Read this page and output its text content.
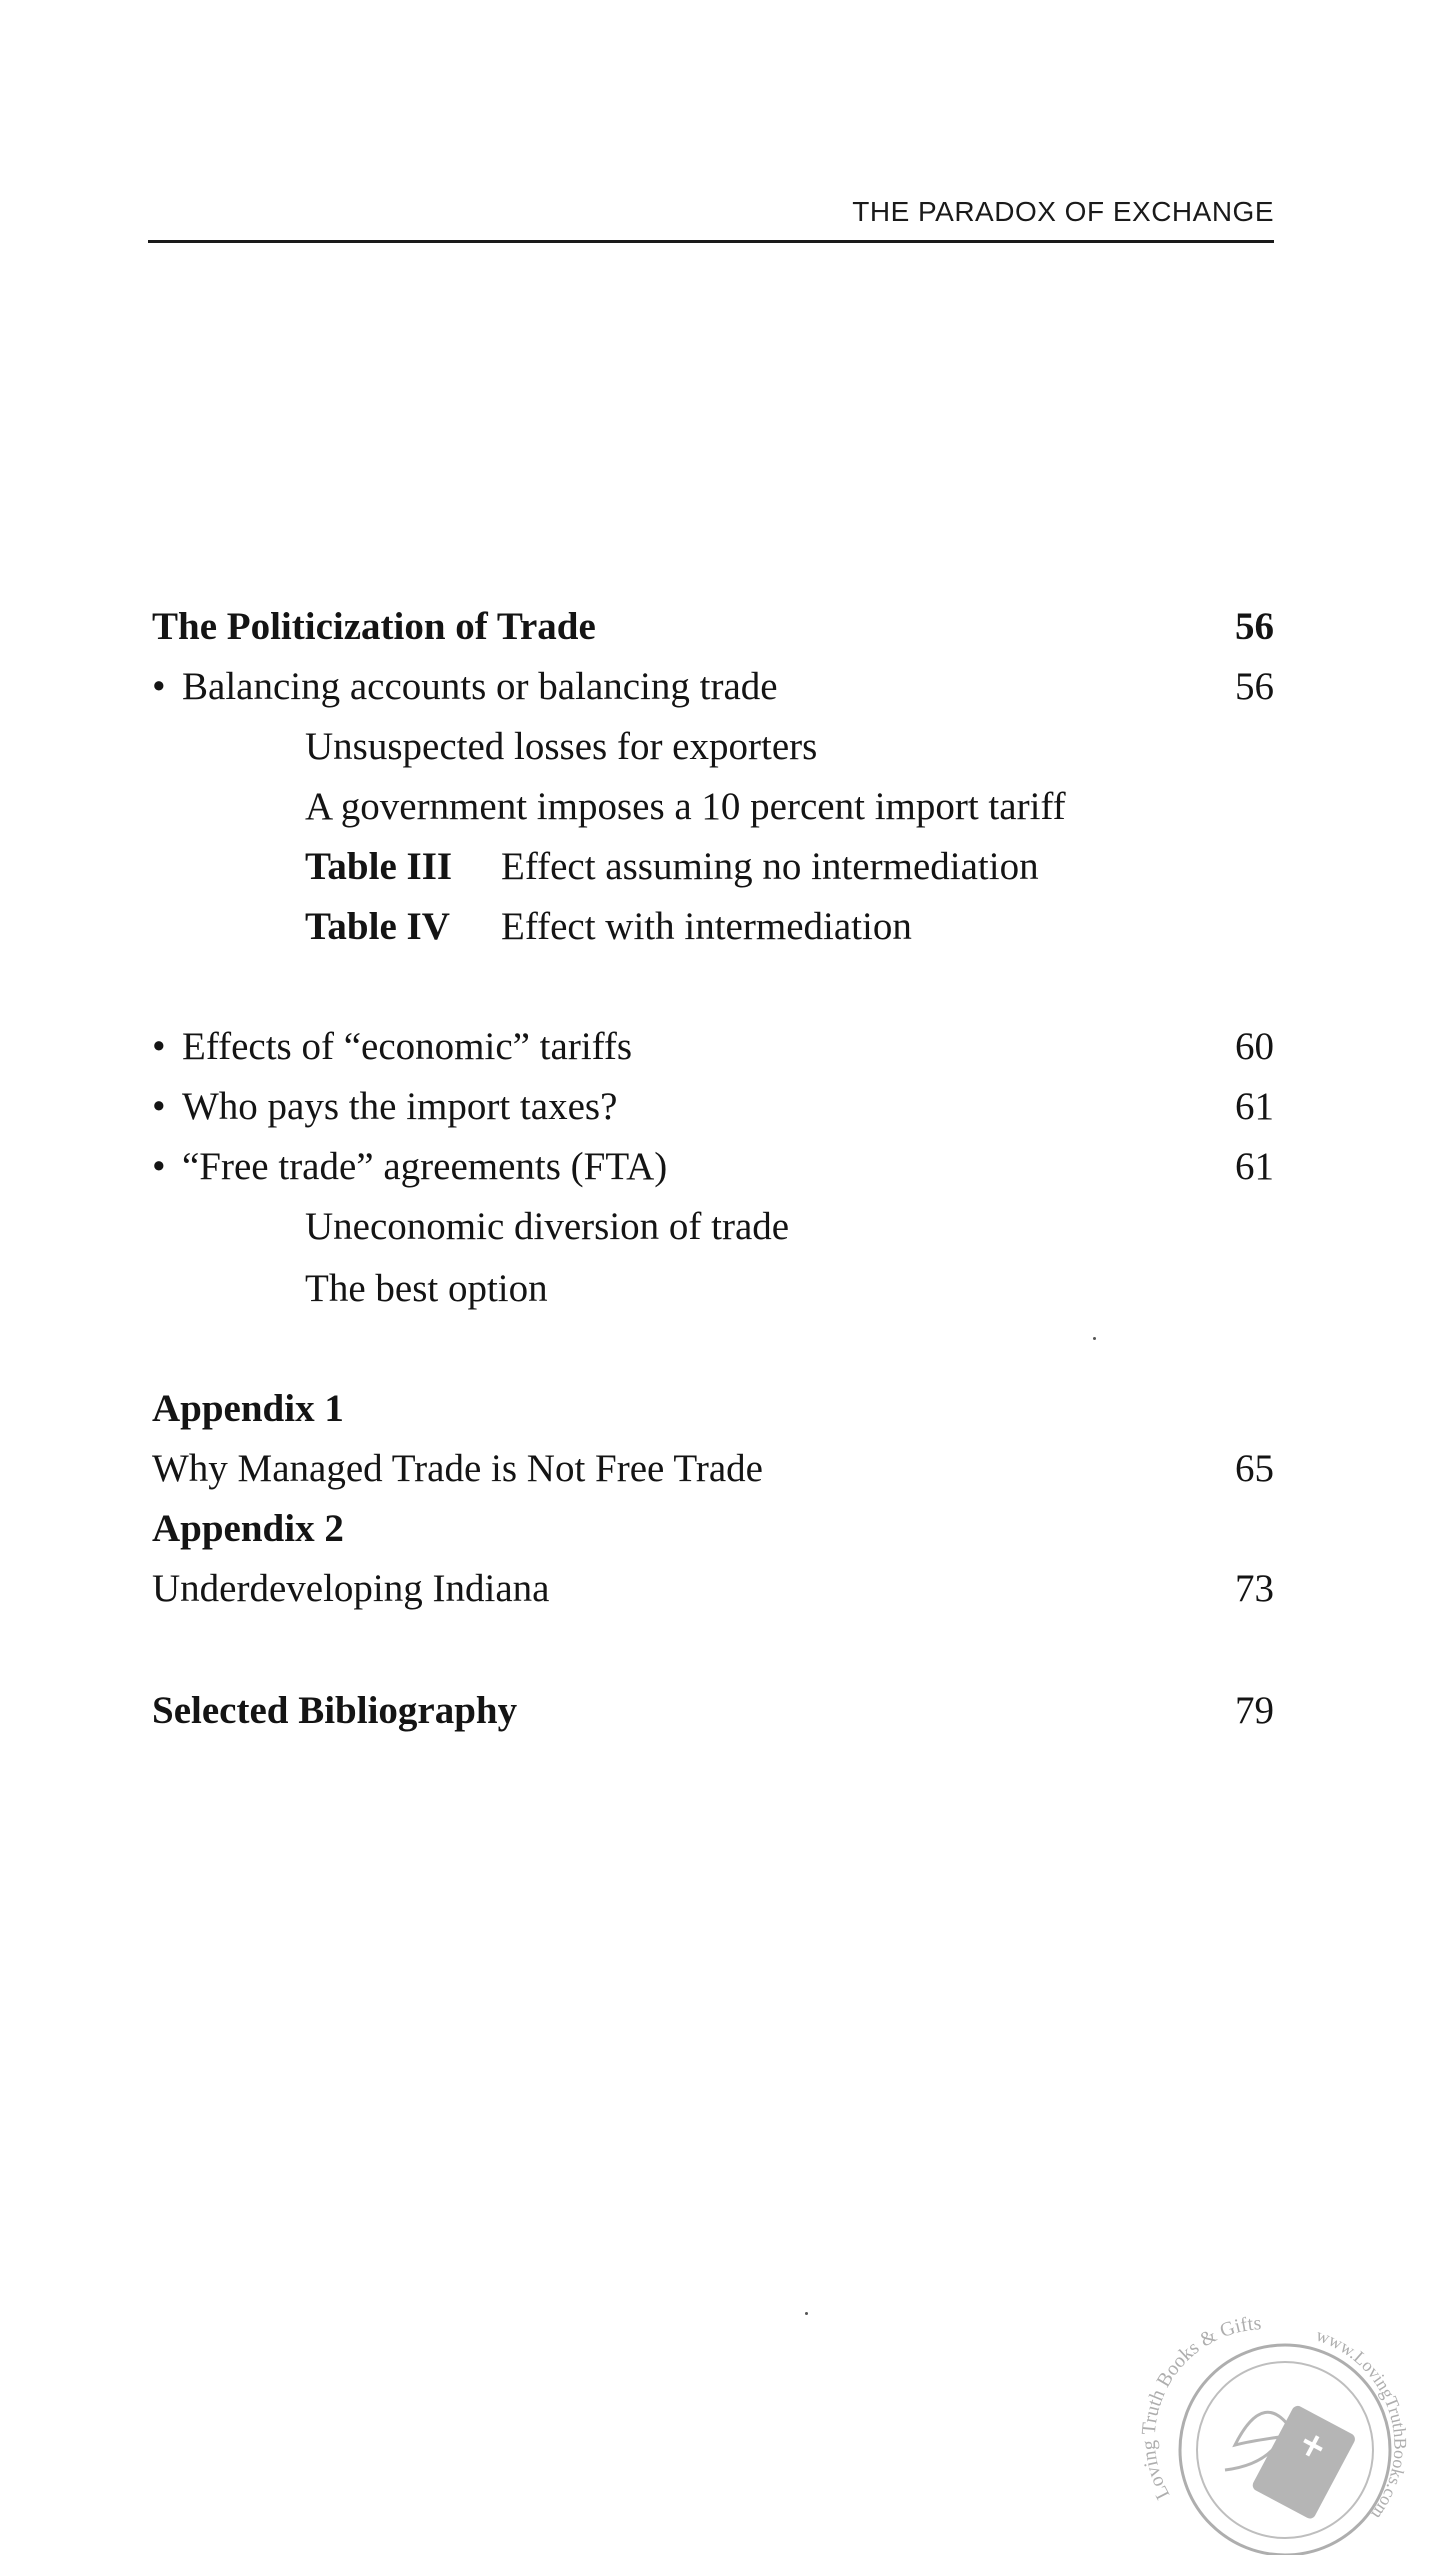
THE PARADOX OF EXCHANGE
The Politicization of Trade	56
• Balancing accounts or balancing trade	56
Unsuspected losses for exporters
A government imposes a 10 percent import tariff
Table III Effect assuming no intermediation
Table IV Effect with intermediation
• Effects of “economic” tariffs	60
• Who pays the import taxes?	61
• “Free trade” agreements (FTA)	61
Uneconomic diversion of trade
The best option
Appendix 1
Why Managed Trade is Not Free Trade	65
Appendix 2
Underdeveloping Indiana	73
Selected Bibliography	79
Loving Truth Books & Gifts
www.LovingTruthBooks.com
